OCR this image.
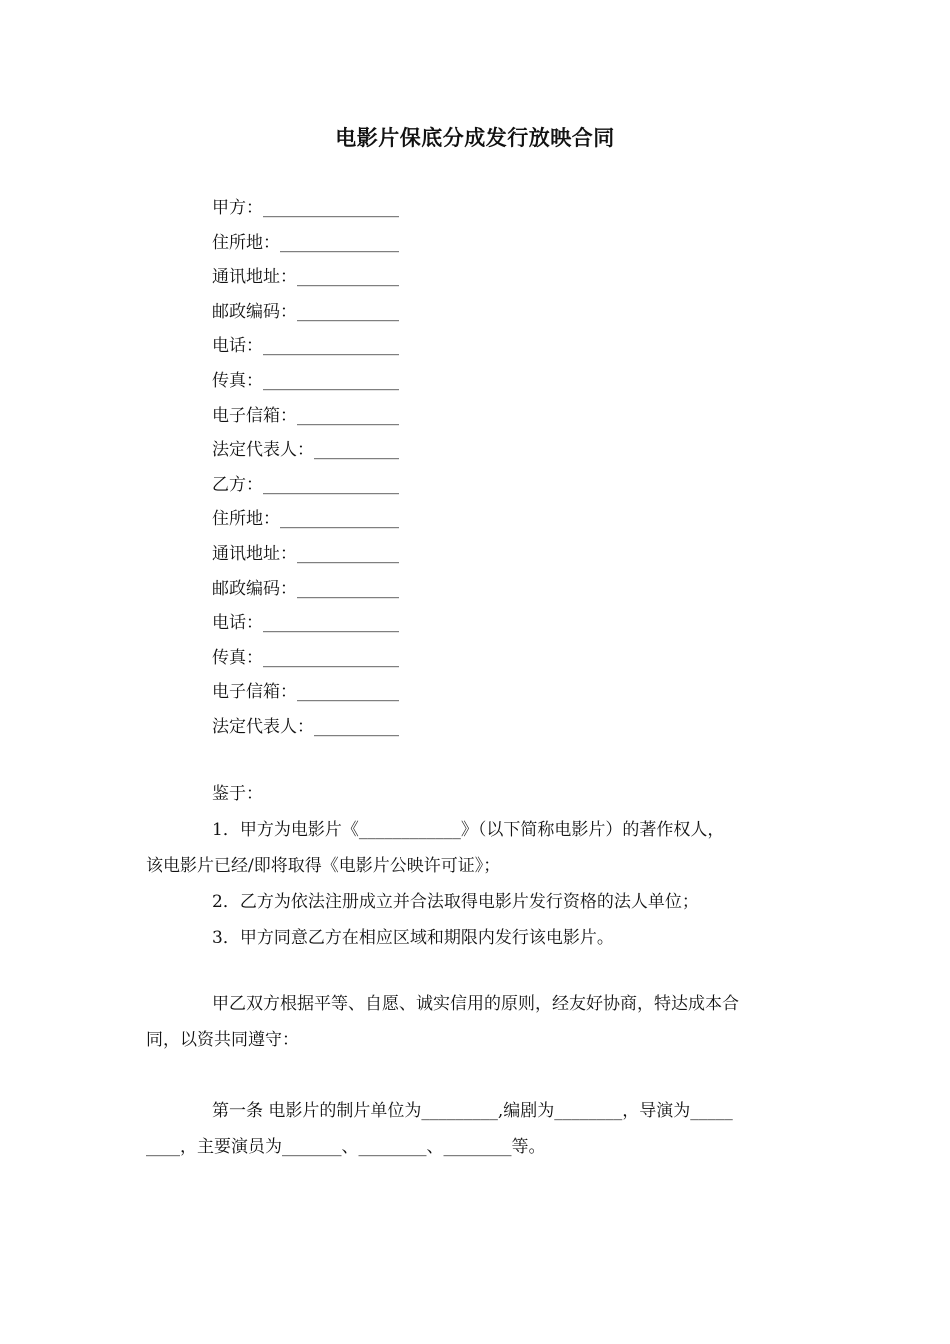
电影片保底分成发行放映合同
甲方：________________
住所地：______________
通讯地址：____________
邮政编码：____________
电话：________________
传真：________________
电子信箱：____________
法定代表人：__________
乙方：________________
住所地：______________
通讯地址：____________
邮政编码：____________
电话：________________
传真：________________
电子信箱：____________
法定代表人：__________
鉴于：
1．甲方为电影片《____________》（以下简称电影片）的著作权人，
该电影片已经/即将取得《电影片公映许可证》；
2．乙方为依法注册成立并合法取得电影片发行资格的法人单位；
3．甲方同意乙方在相应区域和期限内发行该电影片。
甲乙双方根据平等、自愿、诚实信用的原则，经友好协商，特达成本合
同，以资共同遵守：
第一条 电影片的制片单位为_________,编剧为________，导演为_____
____，主要演员为_______、________、________等。
